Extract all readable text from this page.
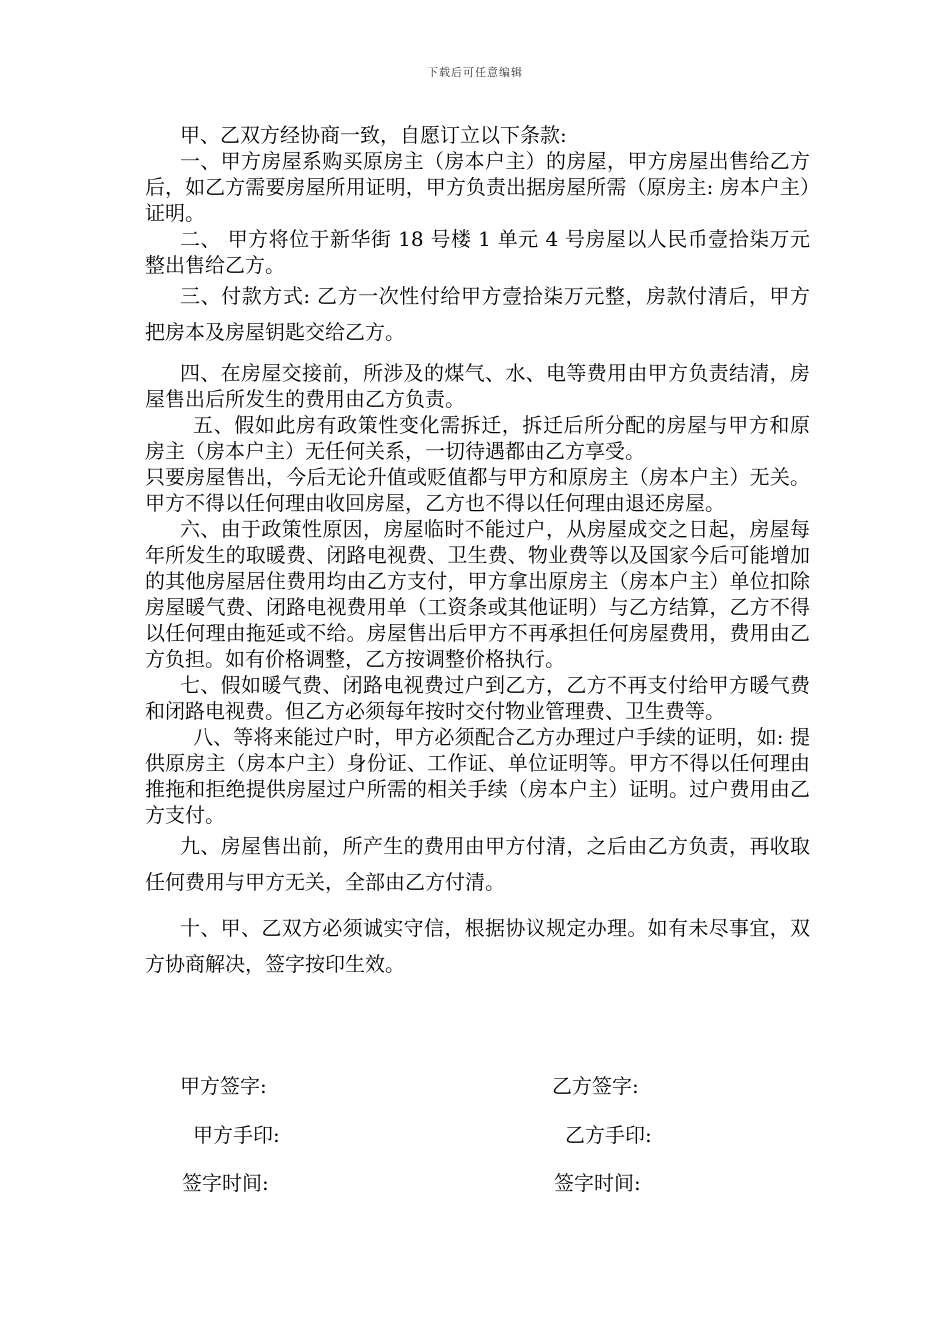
下载后可任意编辑

甲、乙双方经协商一致，自愿订立以下条款:

一、甲方房屋系购买原房主（房本户主）的房屋，甲方房屋出售给乙方后，如乙方需要房屋所用证明，甲方负责出据房屋所需（原房主: 房本户主）证明。

二、 甲方将位于新华街 18 号楼 1 单元 4 号房屋以人民币壹拾柒万元整出售给乙方。

三、付款方式: 乙方一次性付给甲方壹拾柒万元整，房款付清后，甲方把房本及房屋钥匙交给乙方。

四、在房屋交接前，所涉及的煤气、水、电等费用由甲方负责结清，房屋售出后所发生的费用由乙方负责。

五、假如此房有政策性变化需拆迁，拆迁后所分配的房屋与甲方和原房主（房本户主）无任何关系，一切待遇都由乙方享受。

只要房屋售出，今后无论升值或贬值都与甲方和原房主（房本户主）无关。甲方不得以任何理由收回房屋，乙方也不得以任何理由退还房屋。

六、由于政策性原因，房屋临时不能过户，从房屋成交之日起，房屋每年所发生的取暖费、闭路电视费、卫生费、物业费等以及国家今后可能增加的其他房屋居住费用均由乙方支付，甲方拿出原房主（房本户主）单位扣除房屋暖气费、闭路电视费用单（工资条或其他证明）与乙方结算，乙方不得以任何理由拖延或不给。房屋售出后甲方不再承担任何房屋费用，费用由乙方负担。如有价格调整，乙方按调整价格执行。

七、假如暖气费、闭路电视费过户到乙方，乙方不再支付给甲方暖气费和闭路电视费。但乙方必须每年按时交付物业管理费、卫生费等。

八、等将来能过户时，甲方必须配合乙方办理过户手续的证明，如: 提供原房主（房本户主）身份证、工作证、单位证明等。甲方不得以任何理由推拖和拒绝提供房屋过户所需的相关手续（房本户主）证明。过户费用由乙方支付。

九、房屋售出前，所产生的费用由甲方付清，之后由乙方负责，再收取任何费用与甲方无关，全部由乙方付清。

十、甲、乙双方必须诚实守信，根据协议规定办理。如有未尽事宜，双方协商解决，签字按印生效。

甲方签字:	乙方签字:
甲方手印:	乙方手印:
签字时间:	签字时间:
